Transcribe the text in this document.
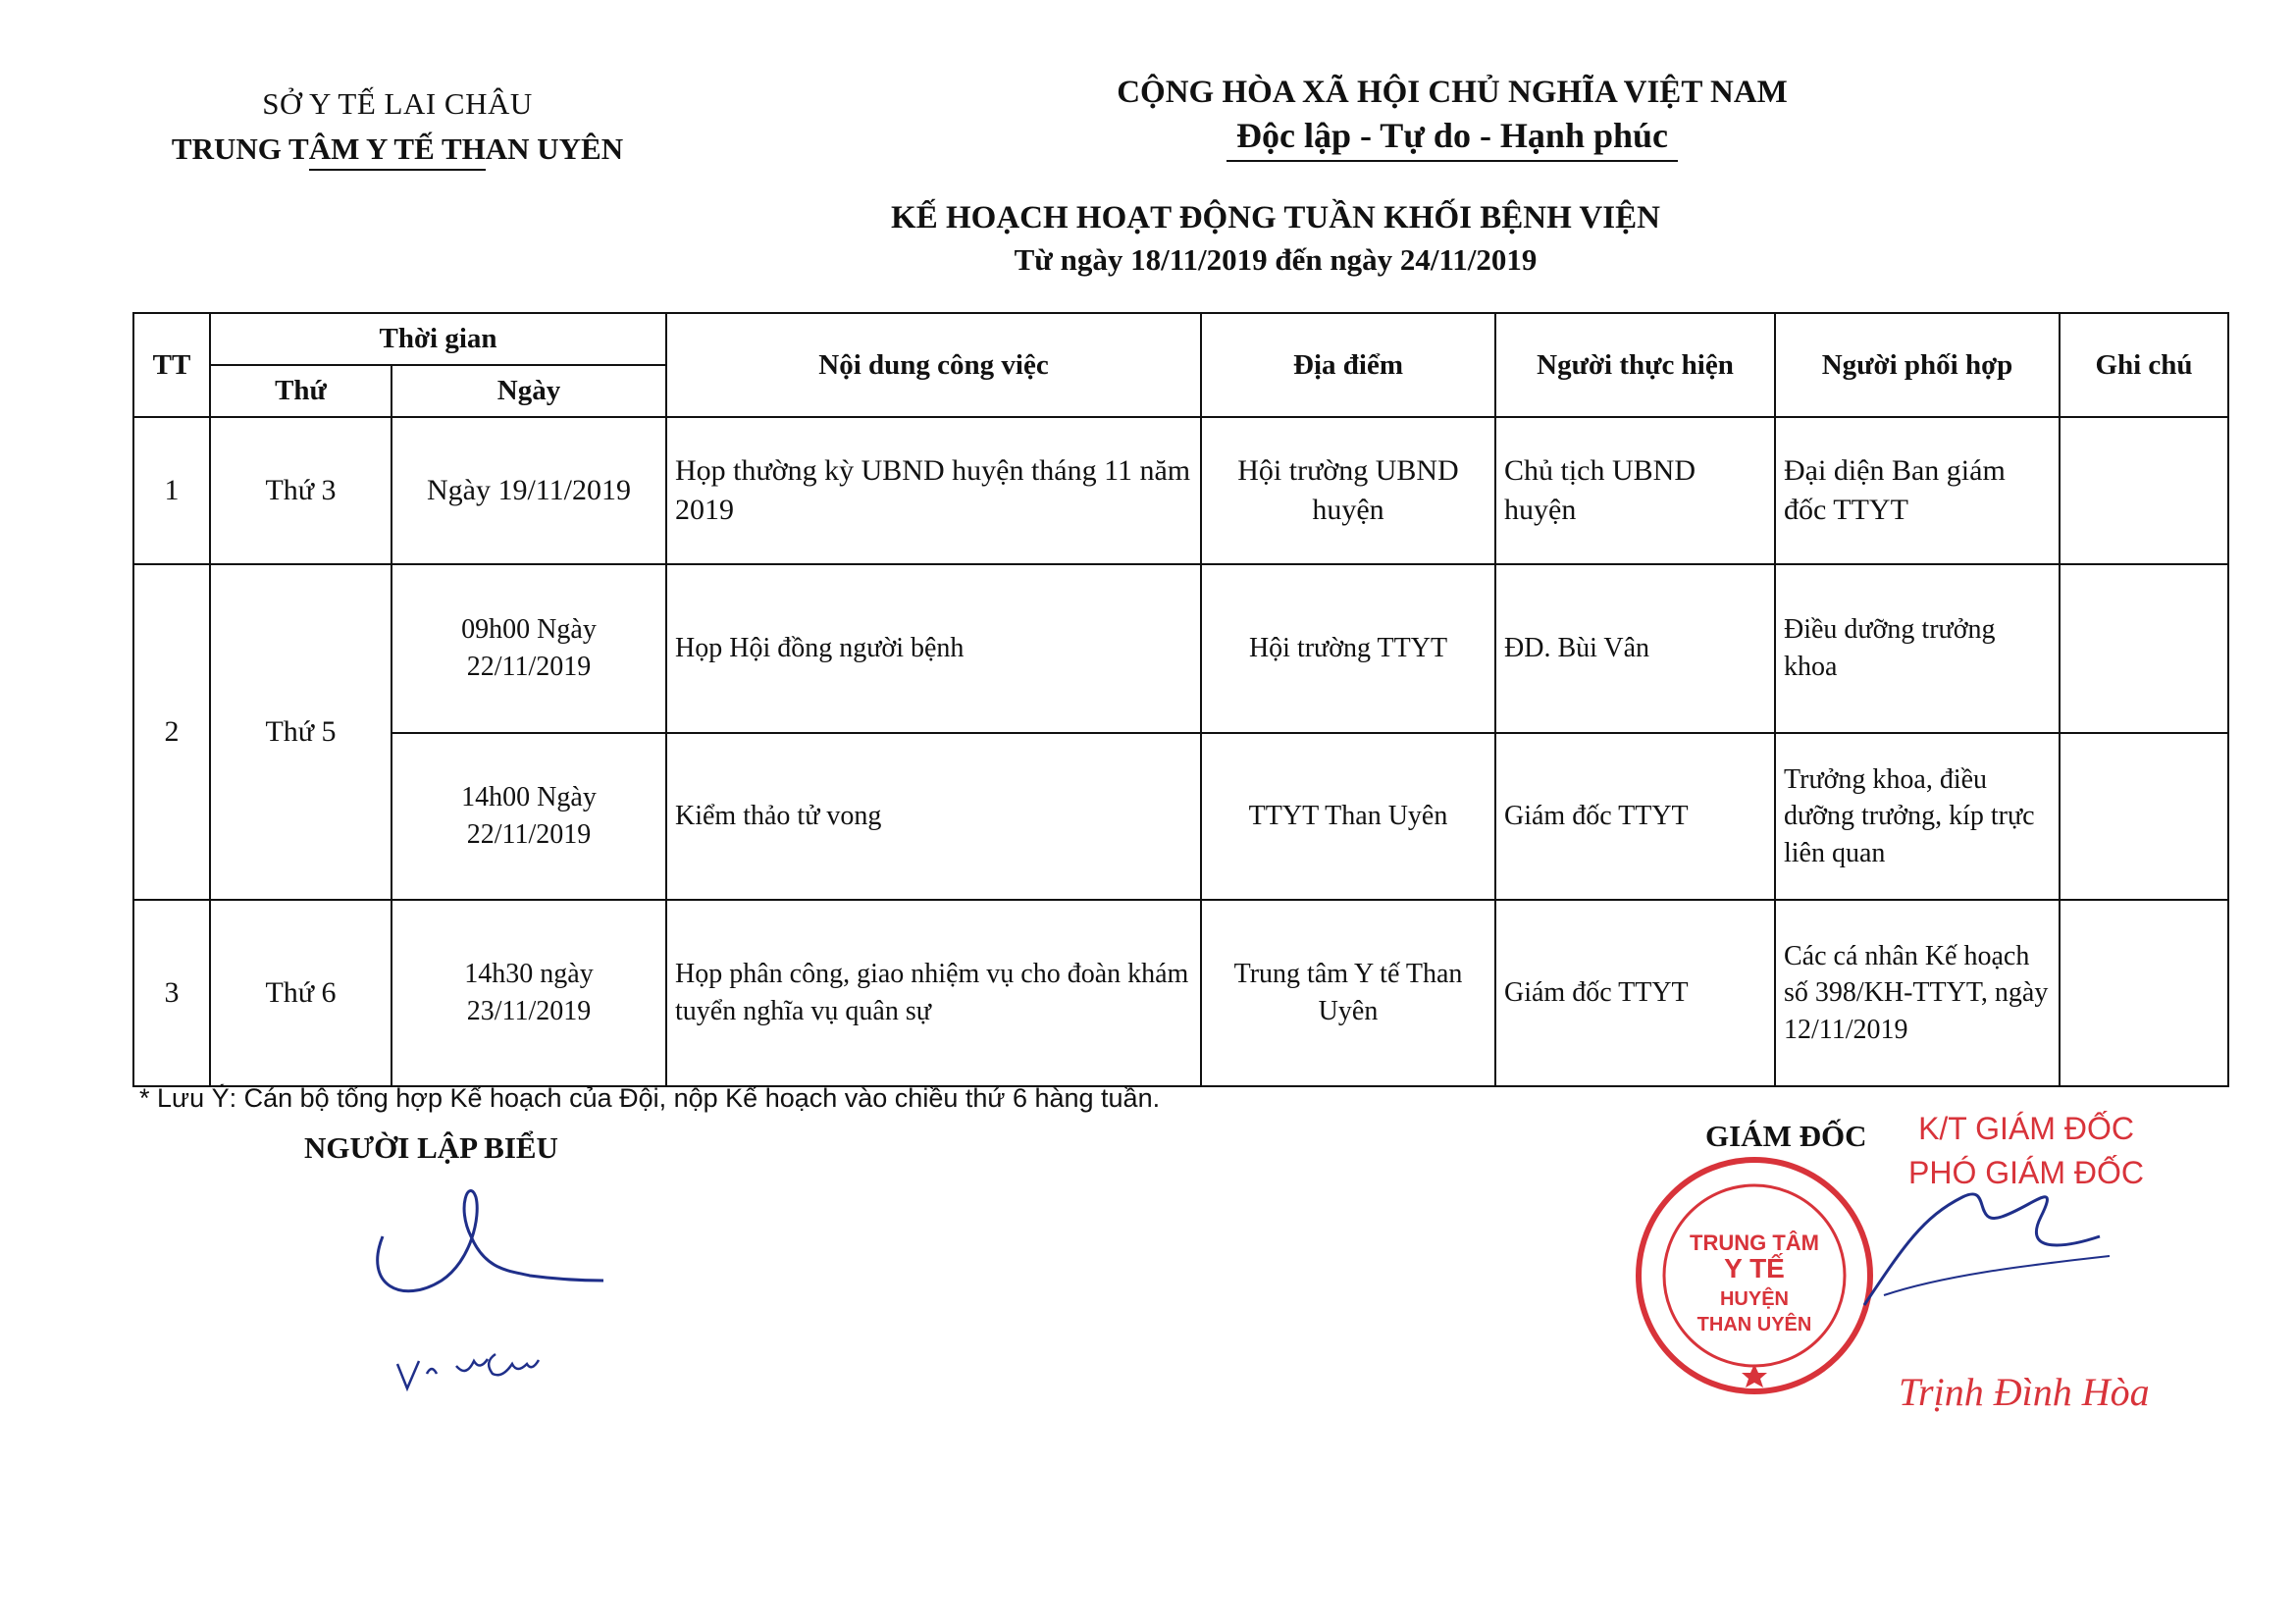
SỞ Y TẾ LAI CHÂU
TRUNG TÂM Y TẾ THAN UYÊN
CỘNG HÒA XÃ HỘI CHỦ NGHĨA VIỆT NAM
Độc lập - Tự do - Hạnh phúc
KẾ HOẠCH HOẠT ĐỘNG TUẦN KHỐI BỆNH VIỆN
Từ ngày 18/11/2019 đến ngày 24/11/2019
TT	Thời gian		Nội dung công việc	Địa điểm	Người thực hiện	Người phối hợp	Ghi chú
	Thứ	Ngày					
1	Thứ 3	Ngày 19/11/2019	Họp thường kỳ UBND huyện tháng 11 năm 2019	Hội trường UBND huyện	Chủ tịch UBND huyện	Đại diện Ban giám đốc TTYT	
2	Thứ 5	09h00 Ngày 22/11/2019	Họp Hội đồng người bệnh	Hội trường TTYT	ĐD. Bùi Vân	Điều dưỡng trưởng khoa	
		14h00 Ngày 22/11/2019	Kiểm thảo tử vong	TTYT Than Uyên	Giám đốc TTYT	Trưởng khoa, điều dưỡng trưởng, kíp trực liên quan	
3	Thứ 6	14h30 ngày 23/11/2019	Họp phân công, giao nhiệm vụ cho đoàn khám tuyển nghĩa vụ quân sự	Trung tâm Y tế Than Uyên	Giám đốc TTYT	Các cá nhân Kế hoạch số 398/KH-TTYT, ngày 12/11/2019	
* Lưu Ý: Cán bộ tổng hợp Kế hoạch của Đội, nộp Kế hoạch vào chiều thứ 6 hàng tuần.
NGƯỜI LẬP BIỂU	GIÁM ĐỐC	K/T GIÁM ĐỐC
PHÓ GIÁM ĐỐC
TRUNG TÂM
Y TẾ
HUYỆN
THAN UYÊN
Trịnh Đình Hòa
